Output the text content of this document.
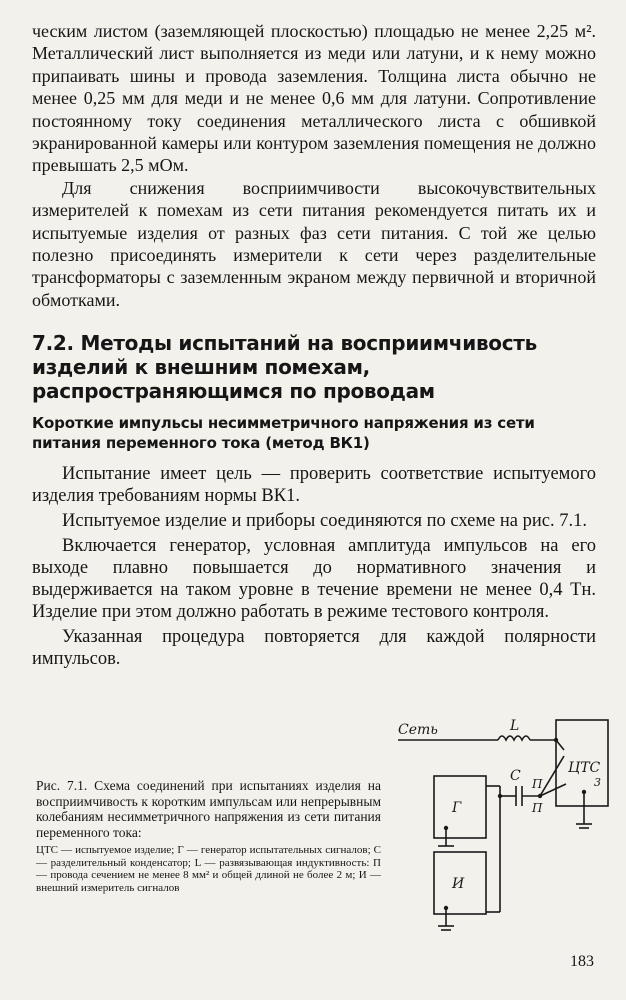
ческим листом (заземляющей плоскостью) площадью не менее 2,25 м². Металлический лист выполняется из меди или латуни, и к нему можно припаивать шины и провода заземления. Толщина листа обычно не менее 0,25 мм для меди и не менее 0,6 мм для латуни. Сопротивление постоянному току соединения металлического листа с обшивкой экранированной камеры или контуром заземления помещения не должно превышать 2,5 мОм.

Для снижения восприимчивости высокочувствительных измерителей к помехам из сети питания рекомендуется питать их и испытуемые изделия от разных фаз сети питания. С той же целью полезно присоединять измерители к сети через разделительные трансформаторы с заземленным экраном между первичной и вторичной обмотками.

7.2. Методы испытаний на восприимчивость изделий к внешним помехам, распространяющимся по проводам
Короткие импульсы несимметричного напряжения из сети питания переменного тока (метод ВК1)

Испытание имеет цель — проверить соответствие испытуемого изделия требованиям нормы ВК1.

Испытуемое изделие и приборы соединяются по схеме на рис. 7.1.

Включается генератор, условная амплитуда импульсов на его выходе плавно повышается до нормативного значения и выдерживается на таком уровне в течение времени не менее 0,4 Tн. Изделие при этом должно работать в режиме тестового контроля.

Указанная процедура повторяется для каждой полярности импульсов.

Рис. 7.1. Схема соединений при испытаниях изделия на восприимчивость к коротким импульсам или непрерывным колебаниям несимметричного напряжения из сети питания переменного тока:

ЦТС — испытуемое изделие; Г — генератор испытательных сигналов; С — разделительный конденсатор; L — развязывающая индуктивность: П — провода сечением не менее 8 мм² и общей длиной не более 2 м; И — внешний измеритель сигналов

Сеть	L
ЦТС
C П
П
3
Г
И
183
